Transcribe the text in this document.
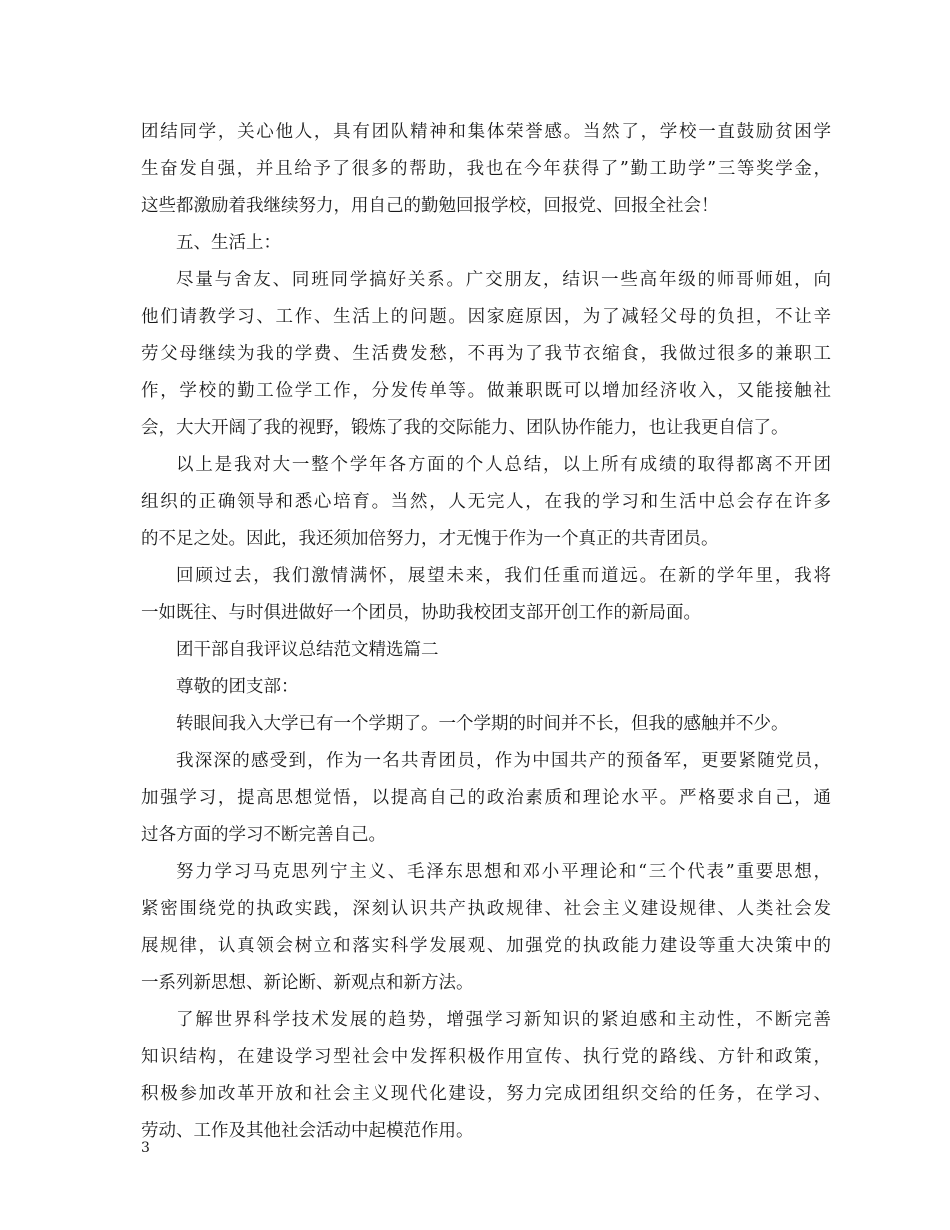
团结同学，关心他人，具有团队精神和集体荣誉感。当然了，学校一直鼓励贫困学
生奋发自强，并且给予了很多的帮助，我也在今年获得了”勤工助学”三等奖学金，
这些都激励着我继续努力，用自己的勤勉回报学校，回报党、回报全社会！
五、生活上：
尽量与舍友、同班同学搞好关系。广交朋友，结识一些高年级的师哥师姐，向
他们请教学习、工作、生活上的问题。因家庭原因，为了减轻父母的负担，不让辛
劳父母继续为我的学费、生活费发愁，不再为了我节衣缩食，我做过很多的兼职工
作，学校的勤工俭学工作，分发传单等。做兼职既可以增加经济收入，又能接触社
会，大大开阔了我的视野，锻炼了我的交际能力、团队协作能力，也让我更自信了。
以上是我对大一整个学年各方面的个人总结，以上所有成绩的取得都离不开团
组织的正确领导和悉心培育。当然，人无完人，在我的学习和生活中总会存在许多
的不足之处。因此，我还须加倍努力，才无愧于作为一个真正的共青团员。
回顾过去，我们激情满怀，展望未来，我们任重而道远。在新的学年里，我将
一如既往、与时俱进做好一个团员，协助我校团支部开创工作的新局面。
团干部自我评议总结范文精选篇二
尊敬的团支部：
转眼间我入大学已有一个学期了。一个学期的时间并不长，但我的感触并不少。
我深深的感受到，作为一名共青团员，作为中国共产的预备军，更要紧随党员，
加强学习，提高思想觉悟，以提高自己的政治素质和理论水平。严格要求自己，通
过各方面的学习不断完善自己。
努力学习马克思列宁主义、毛泽东思想和邓小平理论和“三个代表”重要思想，
紧密围绕党的执政实践，深刻认识共产执政规律、社会主义建设规律、人类社会发
展规律，认真领会树立和落实科学发展观、加强党的执政能力建设等重大决策中的
一系列新思想、新论断、新观点和新方法。
了解世界科学技术发展的趋势，增强学习新知识的紧迫感和主动性，不断完善
知识结构，在建设学习型社会中发挥积极作用宣传、执行党的路线、方针和政策，
积极参加改革开放和社会主义现代化建设，努力完成团组织交给的任务，在学习、
劳动、工作及其他社会活动中起模范作用。
3
